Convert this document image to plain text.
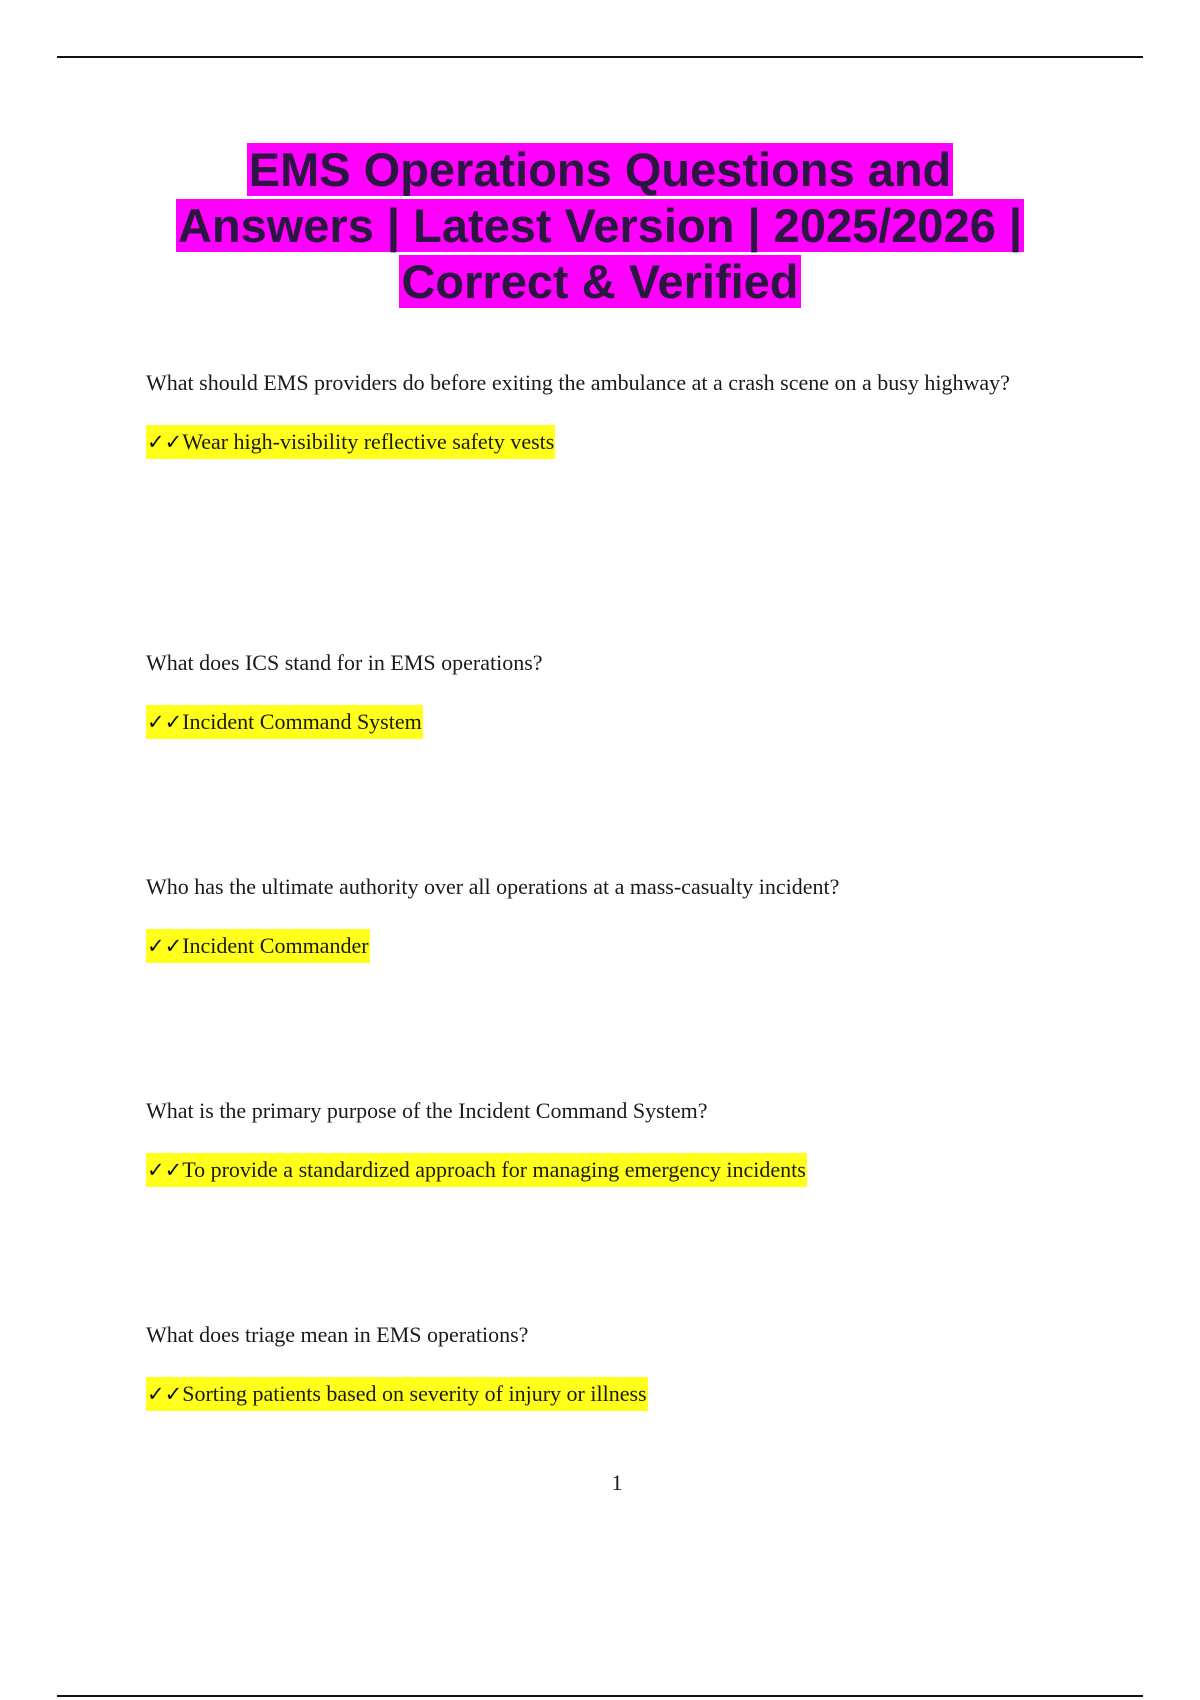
EMS Operations Questions and
Answers | Latest Version | 2025/2026 |
Correct & Verified

What should EMS providers do before exiting the ambulance at a crash scene on a busy highway?

✓✓Wear high-visibility reflective safety vests

What does ICS stand for in EMS operations?

✓✓Incident Command System

Who has the ultimate authority over all operations at a mass-casualty incident?

✓✓Incident Commander

What is the primary purpose of the Incident Command System?

✓✓To provide a standardized approach for managing emergency incidents

What does triage mean in EMS operations?

✓✓Sorting patients based on severity of injury or illness
1
